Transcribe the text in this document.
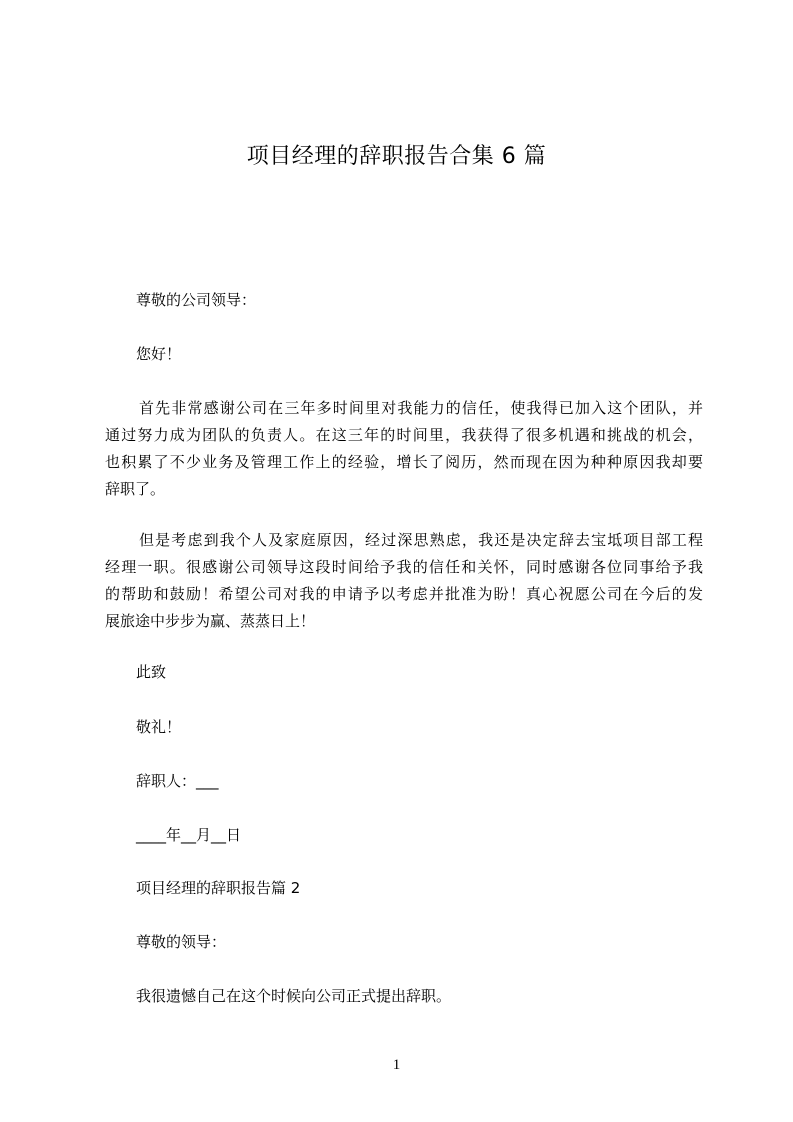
项目经理的辞职报告合集 6 篇
尊敬的公司领导：
您好！
首先非常感谢公司在三年多时间里对我能力的信任，使我得已加入这个团队，并
通过努力成为团队的负责人。在这三年的时间里，我获得了很多机遇和挑战的机会，
也积累了不少业务及管理工作上的经验，增长了阅历，然而现在因为种种原因我却要
辞职了。
但是考虑到我个人及家庭原因，经过深思熟虑，我还是决定辞去宝坻项目部工程
经理一职。很感谢公司领导这段时间给予我的信任和关怀，同时感谢各位同事给予我
的帮助和鼓励！希望公司对我的申请予以考虑并批准为盼！真心祝愿公司在今后的发
展旅途中步步为赢、蒸蒸日上！
此致
敬礼！
辞职人：___
____年__月__日
项目经理的辞职报告篇 2
尊敬的领导：
我很遗憾自己在这个时候向公司正式提出辞职。
1
